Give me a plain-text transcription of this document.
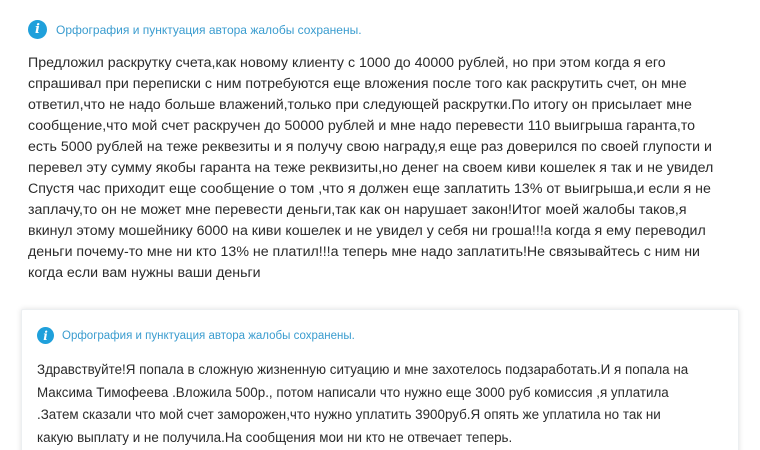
i	Орфография и пунктуация автора жалобы сохранены.
Предложил раскрутку счета,как новому клиенту с 1000 до 40000 рублей, но при этом когда я его
спрашивал при переписки с ним потребуются еще вложения после того как раскрутить счет, он мне
ответил,что не надо больше влажений,только при следующей раскрутки.По итогу он присылает мне
сообщение,что мой счет раскручен до 50000 рублей и мне надо перевести 110 выигрыша гаранта,то
есть 5000 рублей на теже реквезиты и я получу свою награду,я еще раз доверился по своей глупости и
перевел эту сумму якобы гаранта на теже реквизиты,но денег на своем киви кошелек я так и не увидел
Спустя час приходит еще сообщение о том ,что я должен еще заплатить 13% от выигрыша,и если я не
заплачу,то он не может мне перевести деньги,так как он нарушает закон!Итог моей жалобы таков,я
вкинул этому мошейнику 6000 на киви кошелек и не увидел у себя ни гроша!!!а когда я ему переводил
деньги почему-то мне ни кто 13% не платил!!!а теперь мне надо заплатить!Не связывайтесь с ним ни
когда если вам нужны ваши деньги
i	Орфография и пунктуация автора жалобы сохранены.
Здравствуйте!Я попала в сложную жизненную ситуацию и мне захотелось подзаработать.И я попала на
Максима Тимофеева .Вложила 500р., потом написали что нужно еще 3000 руб комиссия ,я уплатила
.Затем сказали что мой счет заморожен,что нужно уплатить 3900руб.Я опять же уплатила но так ни
какую выплату и не получила.На сообщения мои ни кто не отвечает теперь.
